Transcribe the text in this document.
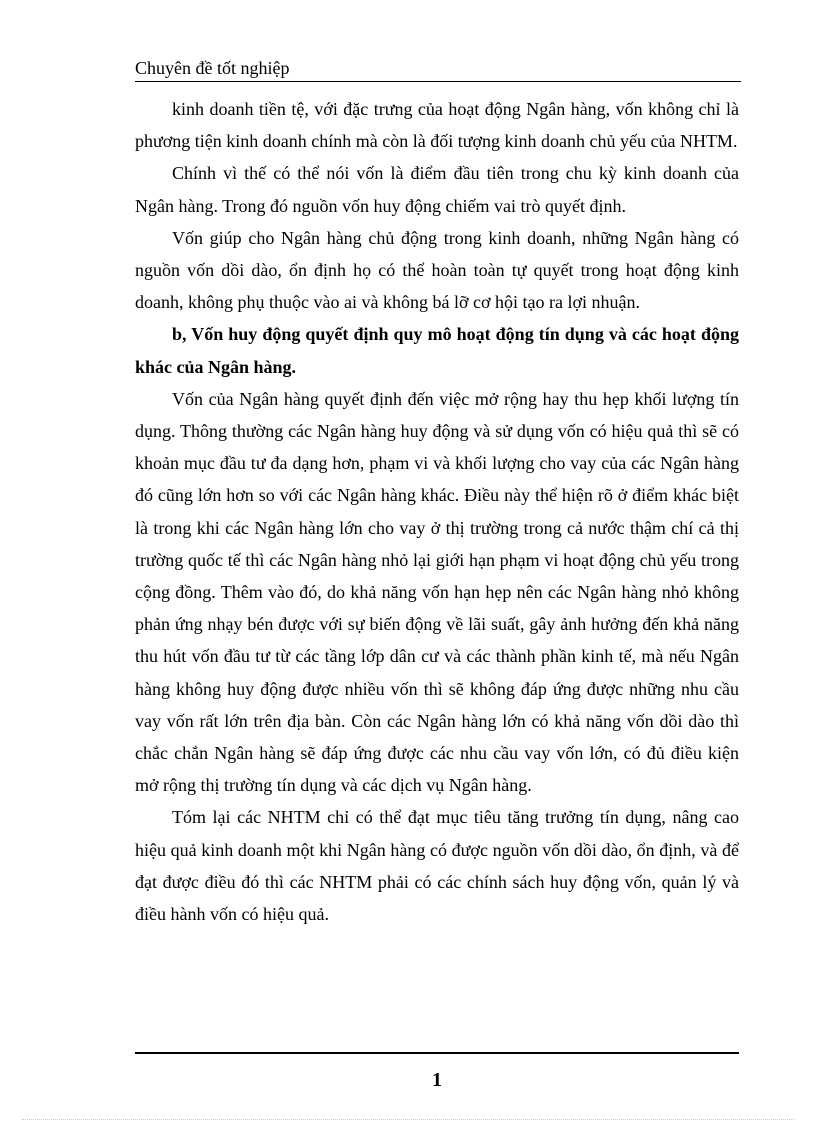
Chuyên đề tốt nghiệp

kinh doanh tiền tệ, với đặc trưng của hoạt động Ngân hàng, vốn không chỉ là phương tiện kinh doanh chính mà còn là đối tượng kinh doanh chủ yếu của NHTM.

Chính vì thế có thể nói vốn là điểm đầu tiên trong chu kỳ kinh doanh của Ngân hàng. Trong đó nguồn vốn huy động chiếm vai trò quyết định.

Vốn giúp cho Ngân hàng chủ động trong kinh doanh, những Ngân hàng có nguồn vốn dồi dào, ổn định họ có thể hoàn toàn tự quyết trong hoạt động kinh doanh, không phụ thuộc vào ai và không bá lỡ cơ hội tạo ra lợi nhuận.

b, Vốn huy động quyết định quy mô hoạt động tín dụng và các hoạt động khác của Ngân hàng.

Vốn của Ngân hàng quyết định đến việc mở rộng hay thu hẹp khối lượng tín dụng. Thông thường các Ngân hàng huy động và sử dụng vốn có hiệu quả thì sẽ có khoản mục đầu tư đa dạng hơn, phạm vi và khối lượng cho vay của các Ngân hàng đó cũng lớn hơn so với các Ngân hàng khác. Điều này thể hiện rõ ở điểm khác biệt là trong khi các Ngân hàng lớn cho vay ở thị trường trong cả nước thậm chí cả thị trường quốc tế thì các Ngân hàng nhỏ lại giới hạn phạm vi hoạt động chủ yếu trong cộng đồng. Thêm vào đó, do khả năng vốn hạn hẹp nên các Ngân hàng nhỏ không phản ứng nhạy bén được với sự biến động về lãi suất, gây ảnh hưởng đến khả năng thu hút vốn đầu tư từ các tầng lớp dân cư và các thành phần kinh tế, mà nếu Ngân hàng không huy động được nhiều vốn thì sẽ không đáp ứng được những nhu cầu vay vốn rất lớn trên địa bàn. Còn các Ngân hàng lớn có khả năng vốn dồi dào thì chắc chắn Ngân hàng sẽ đáp ứng được các nhu cầu vay vốn lớn, có đủ điều kiện mở rộng thị trường tín dụng và các dịch vụ Ngân hàng.

Tóm lại các NHTM chỉ có thể đạt mục tiêu tăng trưởng tín dụng, nâng cao hiệu quả kinh doanh một khi Ngân hàng có được nguồn vốn dồi dào, ổn định, và để đạt được điều đó thì các NHTM phải có các chính sách huy động vốn, quản lý và điều hành vốn có hiệu quả.

1
